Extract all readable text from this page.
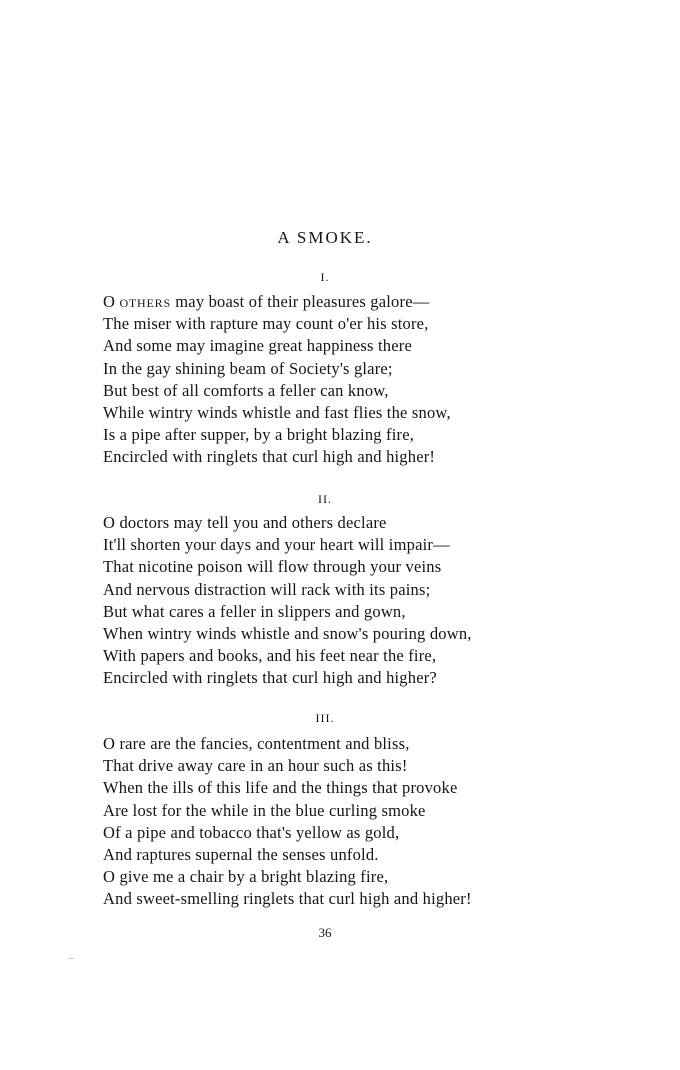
A SMOKE.
I.
O others may boast of their pleasures galore—
The miser with rapture may count o'er his store,
And some may imagine great happiness there
In the gay shining beam of Society's glare;
But best of all comforts a feller can know,
While wintry winds whistle and fast flies the snow,
Is a pipe after supper, by a bright blazing fire,
Encircled with ringlets that curl high and higher!
II.
O doctors may tell you and others declare
It'll shorten your days and your heart will impair—
That nicotine poison will flow through your veins
And nervous distraction will rack with its pains;
But what cares a feller in slippers and gown,
When wintry winds whistle and snow's pouring down,
With papers and books, and his feet near the fire,
Encircled with ringlets that curl high and higher?
III.
O rare are the fancies, contentment and bliss,
That drive away care in an hour such as this!
When the ills of this life and the things that provoke
Are lost for the while in the blue curling smoke
Of a pipe and tobacco that's yellow as gold,
And raptures supernal the senses unfold.
O give me a chair by a bright blazing fire,
And sweet-smelling ringlets that curl high and higher!
36
